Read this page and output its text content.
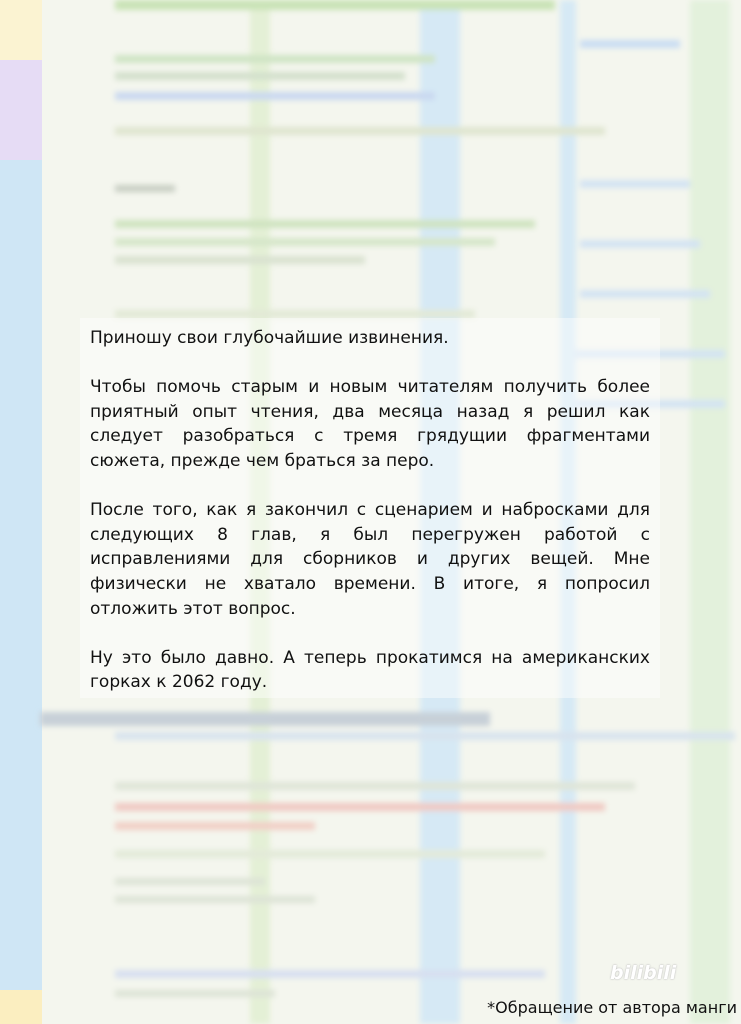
Приношу свои глубочайшие извинения.

Чтобы помочь старым и новым читателям получить более приятный опыт чтения, два месяца назад я решил как следует разобраться с тремя грядущии фрагментами сюжета, прежде чем браться за перо.

После того, как я закончил с сценарием и набросками для следующих 8 глав, я был перегружен работой с исправлениями для сборников и других вещей. Мне физически не хватало времени. В итоге, я попросил отложить этот вопрос.

Ну это было давно. А теперь прокатимся на американских горках к 2062 году.

bilibili
*Обращение от автора манги
